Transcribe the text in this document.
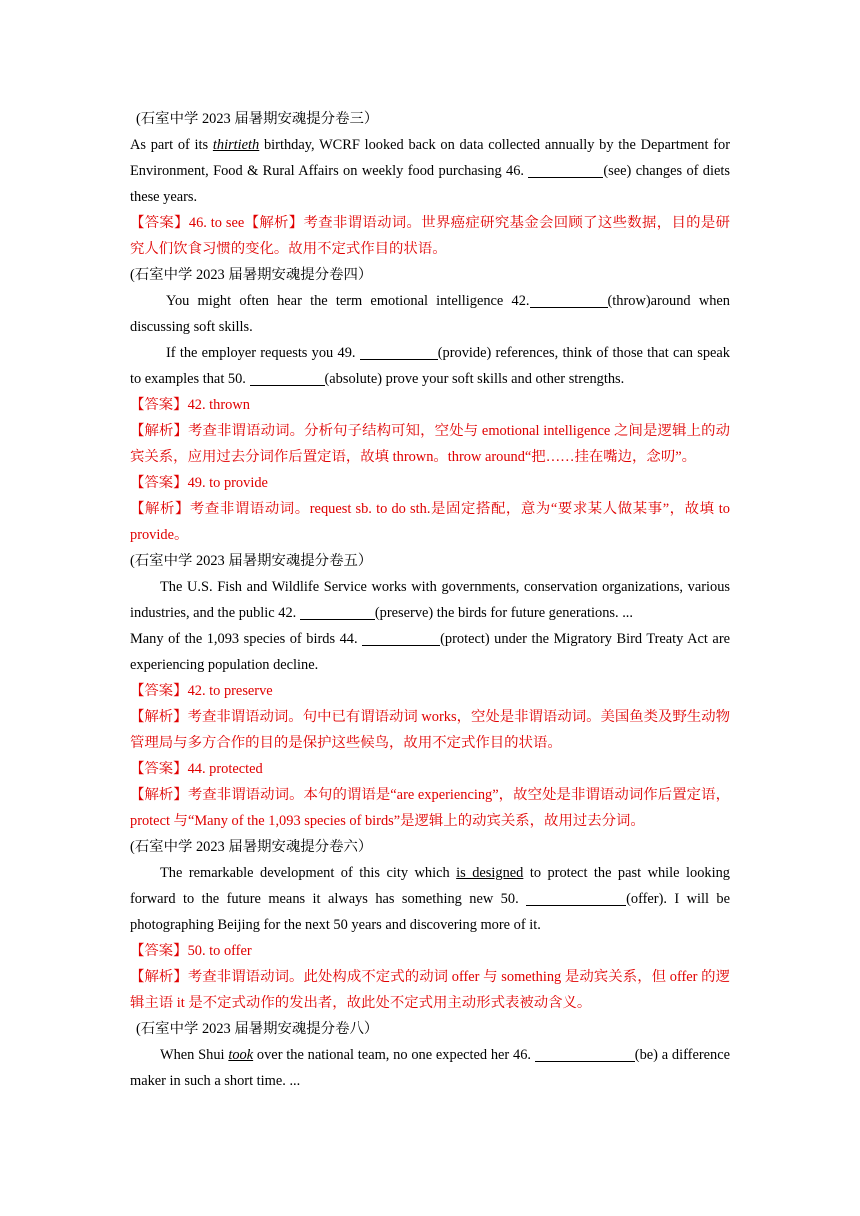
(石室中学 2023 届暑期安魂提分卷三）

As part of its thirtieth birthday, WCRF looked back on data collected annually by the Department for Environment, Food & Rural Affairs on weekly food purchasing 46.	(see) changes of diets these years.

【答案】46. to see【解析】考查非谓语动词。世界癌症研究基金会回顾了这些数据，目的是研究人们饮食习惯的变化。故用不定式作目的状语。

(石室中学 2023 届暑期安魂提分卷四）

You might often hear the term emotional intelligence 42.	(throw)around when discussing soft skills.

If the employer requests you 49.	(provide) references, think of those that can speak to examples that 50.	(absolute) prove your soft skills and other strengths.

【答案】42. thrown

【解析】考查非谓语动词。分析句子结构可知，空处与 emotional intelligence 之间是逻辑上的动宾关系，应用过去分词作后置定语，故填 thrown。throw around“把……挂在嘴边，念叨”。

【答案】49. to provide

【解析】考查非谓语动词。request sb. to do sth.是固定搭配，意为“要求某人做某事”，故填 to provide。

(石室中学 2023 届暑期安魂提分卷五）

The U.S. Fish and Wildlife Service works with governments, conservation organizations, various industries, and the public 42.	(preserve) the birds for future generations. ...

Many of the 1,093 species of birds 44.	(protect) under the Migratory Bird Treaty Act are experiencing population decline.

【答案】42. to preserve

【解析】考查非谓语动词。句中已有谓语动词 works，空处是非谓语动词。美国鱼类及野生动物管理局与多方合作的目的是保护这些候鸟，故用不定式作目的状语。

【答案】44. protected

【解析】考查非谓语动词。本句的谓语是“are experiencing”，故空处是非谓语动词作后置定语，protect 与“Many of the 1,093 species of birds”是逻辑上的动宾关系，故用过去分词。

(石室中学 2023 届暑期安魂提分卷六）

The remarkable development of this city which is designed to protect the past while looking forward to the future means it always has something new 50.	(offer). I will be photographing Beijing for the next 50 years and discovering more of it.

【答案】50. to offer

【解析】考查非谓语动词。此处构成不定式的动词 offer 与 something 是动宾关系，但 offer 的逻辑主语 it 是不定式动作的发出者，故此处不定式用主动形式表被动含义。

(石室中学 2023 届暑期安魂提分卷八）

When Shui took over the national team, no one expected her 46.	(be) a difference maker in such a short time. ...
